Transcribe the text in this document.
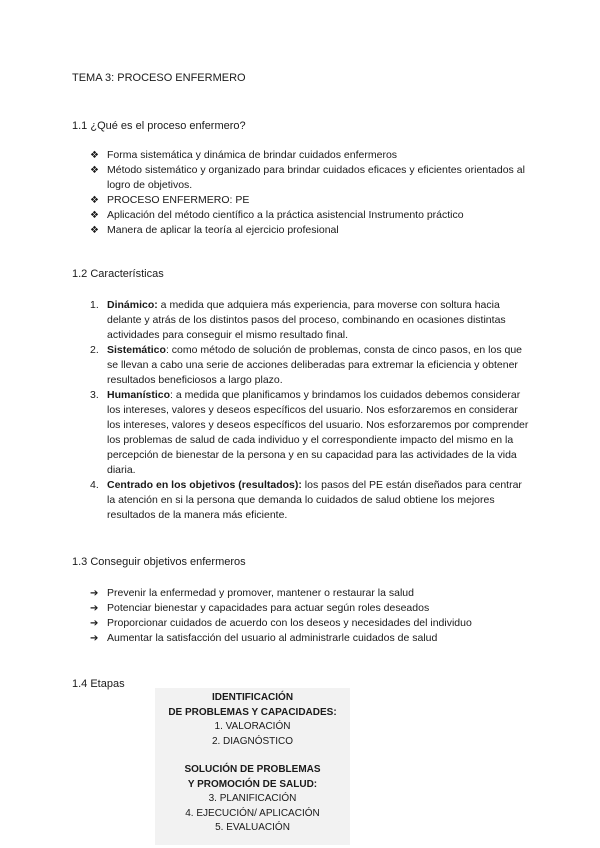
TEMA 3: PROCESO ENFERMERO
1.1 ¿Qué es el proceso enfermero?
❖ Forma sistemática y dinámica de brindar cuidados enfermeros
❖ Método sistemático y organizado para brindar cuidados eficaces y eficientes orientados al logro de objetivos.
❖ PROCESO ENFERMERO: PE
❖ Aplicación del método científico a la práctica asistencial Instrumento práctico
❖ Manera de aplicar la teoría al ejercicio profesional
1.2 Características
1. Dinámico: a medida que adquiera más experiencia, para moverse con soltura hacia delante y atrás de los distintos pasos del proceso, combinando en ocasiones distintas actividades para conseguir el mismo resultado final.
2. Sistemático: como método de solución de problemas, consta de cinco pasos, en los que se llevan a cabo una serie de acciones deliberadas para extremar la eficiencia y obtener resultados beneficiosos a largo plazo.
3. Humanístico: a medida que planificamos y brindamos los cuidados debemos considerar los intereses, valores y deseos específicos del usuario. Nos esforzaremos en considerar los intereses, valores y deseos específicos del usuario. Nos esforzaremos por comprender los problemas de salud de cada individuo y el correspondiente impacto del mismo en la percepción de bienestar de la persona y en su capacidad para las actividades de la vida diaria.
4. Centrado en los objetivos (resultados): los pasos del PE están diseñados para centrar la atención en si la persona que demanda lo cuidados de salud obtiene los mejores resultados de la manera más eficiente.
1.3 Conseguir objetivos enfermeros
➔ Prevenir la enfermedad y promover, mantener o restaurar la salud
➔ Potenciar bienestar y capacidades para actuar según roles deseados
➔ Proporcionar cuidados de acuerdo con los deseos y necesidades del individuo
➔ Aumentar la satisfacción del usuario al administrarle cuidados de salud
1.4 Etapas
IDENTIFICACIÓN
DE PROBLEMAS Y CAPACIDADES:
1. VALORACIÓN
2. DIAGNÓSTICO
SOLUCIÓN DE PROBLEMAS
Y PROMOCIÓN DE SALUD:
3. PLANIFICACIÓN
4. EJECUCIÓN/ APLICACIÓN
5. EVALUACIÓN
